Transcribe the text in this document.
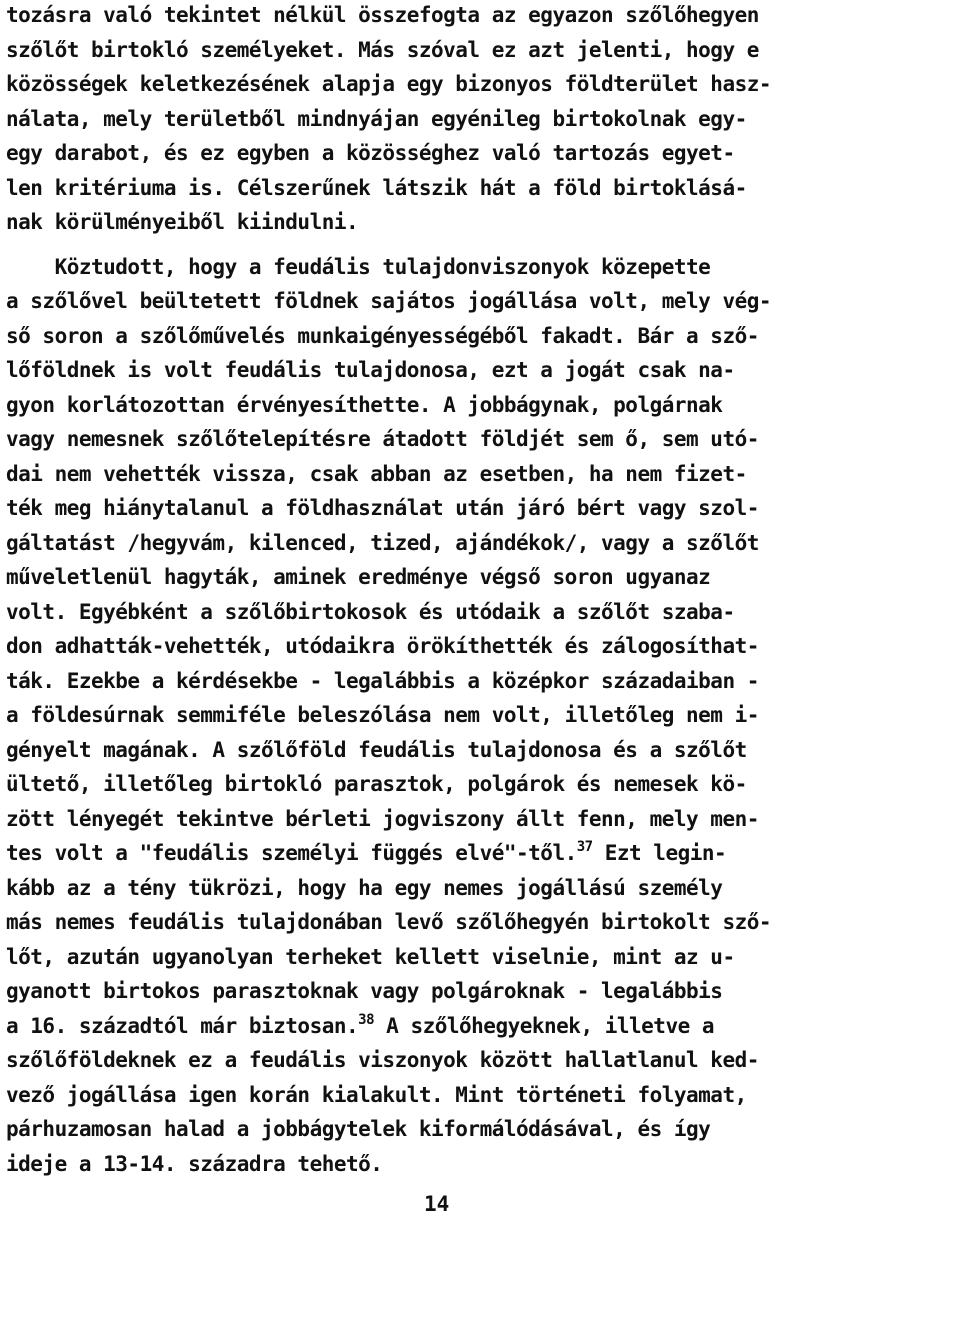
tozásra való tekintet nélkül összefogta az egyazon szőlőhegyen
szőlőt birtokló személyeket. Más szóval ez azt jelenti, hogy e
közösségek keletkezésének alapja egy bizonyos földterület hasz-
nálata, mely területből mindnyájan egyénileg birtokolnak egy-
egy darabot, és ez egyben a közösséghez való tartozás egyet-
len kritériuma is. Célszerűnek látszik hát a föld birtoklásá-
nak körülményeiből kiindulni.
Köztudott, hogy a feudális tulajdonviszonyok közepette
a szőlővel beültetett földnek sajátos jogállása volt, mely vég-
ső soron a szőlőművelés munkaigényességéből fakadt. Bár a sző-
lőföldnek is volt feudális tulajdonosa, ezt a jogát csak na-
gyon korlátozottan érvényesíthette. A jobbágynak, polgárnak
vagy nemesnek szőlőtelepítésre átadott földjét sem ő, sem utó-
dai nem vehették vissza, csak abban az esetben, ha nem fizet-
ték meg hiánytalanul a földhasználat után járó bért vagy szol-
gáltatást /hegyvám, kilenced, tized, ajándékok/, vagy a szőlőt
műveletlenül hagyták, aminek eredménye végső soron ugyanaz
volt. Egyébként a szőlőbirtokosok és utódaik a szőlőt szaba-
don adhatták-vehették, utódaikra örökíthették és zálogosíthat-
ták. Ezekbe a kérdésekbe - legalábbis a középkor századaiban -
a földesúrnak semmiféle beleszólása nem volt, illetőleg nem i-
gényelt magának. A szőlőföld feudális tulajdonosa és a szőlőt
ültető, illetőleg birtokló parasztok, polgárok és nemesek kö-
zött lényegét tekintve bérleti jogviszony állt fenn, mely men-
tes volt a "feudális személyi függés elvé"-től.$^{37}$ Ezt legin-
kább az a tény tükrözi, hogy ha egy nemes jogállású személy
más nemes feudális tulajdonában levő szőlőhegyén birtokolt sző-
lőt, azután ugyanolyan terheket kellett viselnie, mint az u-
gyanott birtokos parasztoknak vagy polgároknak - legalábbis
a 16. századtól már biztosan.$^{38}$ A szőlőhegyeknek, illetve a
szőlőföldeknek ez a feudális viszonyok között hallatlanul ked-
vező jogállása igen korán kialakult. Mint történeti folyamat,
párhuzamosan halad a jobbágytelek kiformálódásával, és így
ideje a 13-14. századra tehető.
14
